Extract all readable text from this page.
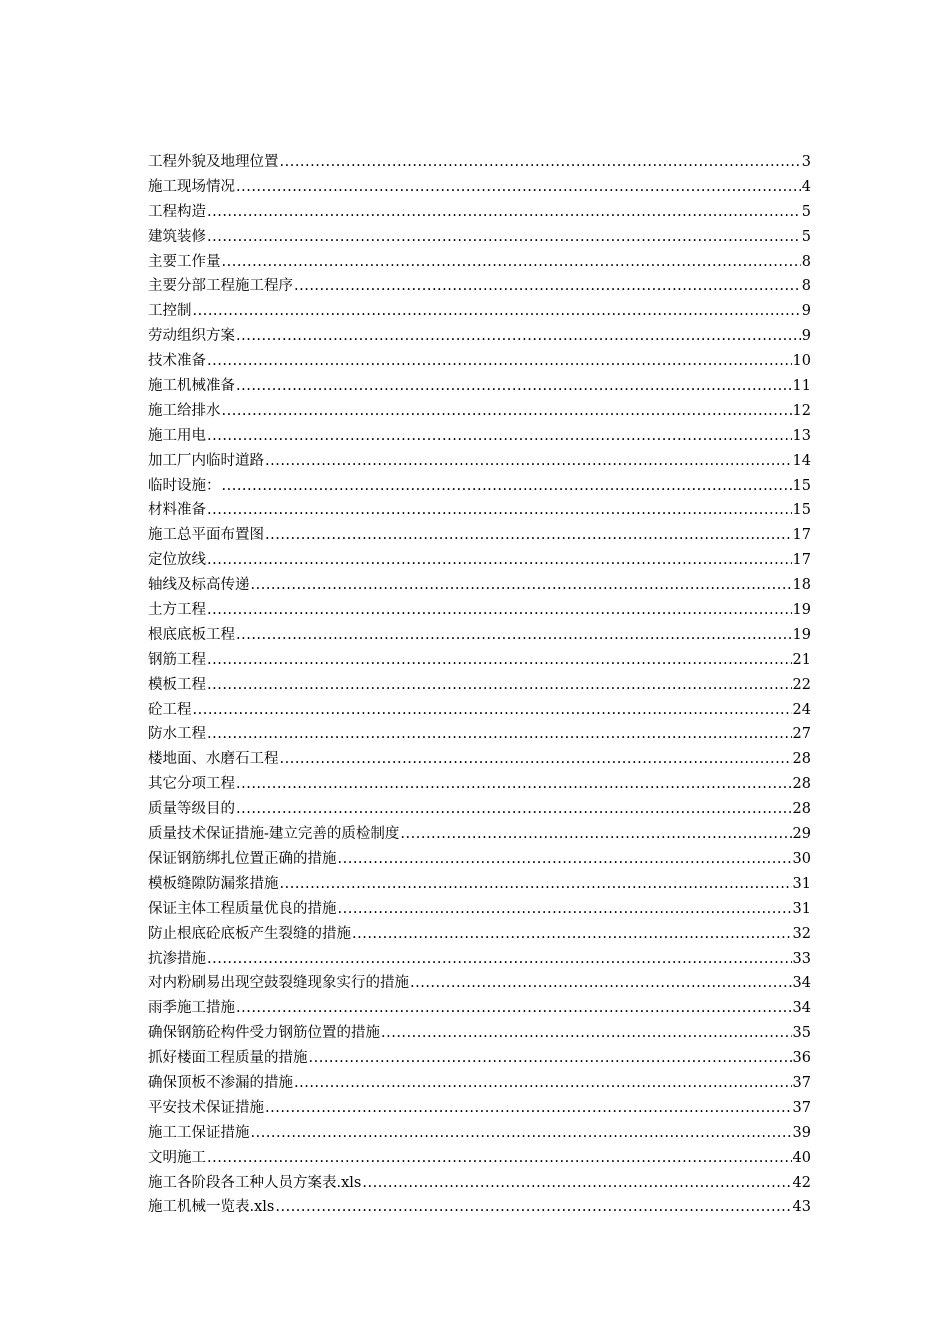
工程外貌及地理位置 .....	3
施工现场情况 .....	4
工程构造 .....	5
建筑装修 .....	5
主要工作量 .....	8
主要分部工程施工程序 .....	8
工控制 .....	9
劳动组织方案 .....	9
技术准备 .....	10
施工机械准备 .....	11
施工给排水 .....	12
施工用电 .....	13
加工厂内临时道路 .....	14
临时设施： .....	15
材料准备 .....	15
施工总平面布置图 .....	17
定位放线 .....	17
轴线及标高传递 .....	18
土方工程 .....	19
根底底板工程 .....	19
钢筋工程 .....	21
模板工程 .....	22
砼工程 .....	24
防水工程 .....	27
楼地面、水磨石工程 .....	28
其它分项工程 .....	28
质量等级目的 .....	28
质量技术保证措施-建立完善的质检制度 .....	29
保证钢筋绑扎位置正确的措施 .....	30
模板缝隙防漏浆措施 .....	31
保证主体工程质量优良的措施 .....	31
防止根底砼底板产生裂缝的措施 .....	32
抗渗措施 .....	33
对内粉刷易出现空鼓裂缝现象实行的措施 .....	34
雨季施工措施 .....	34
确保钢筋砼构件受力钢筋位置的措施 .....	35
抓好楼面工程质量的措施 .....	36
确保顶板不渗漏的措施 .....	37
平安技术保证措施 .....	37
施工工保证措施 .....	39
文明施工 .....	40
施工各阶段各工种人员方案表.xls .....	42
施工机械一览表.xls .....	43
